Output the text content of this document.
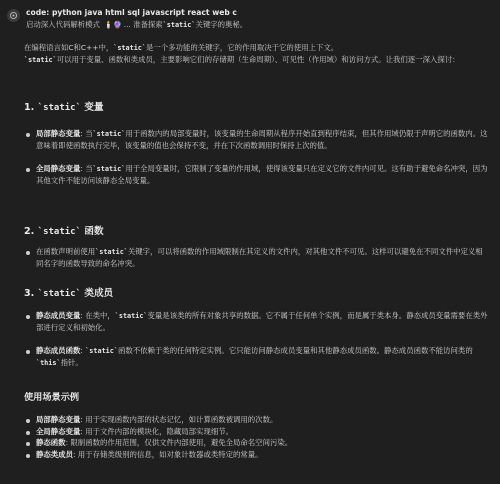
code: python java html sql javascript react web c
启动深入代码解析模式 🕯️🔮 ... 准备探索`static`关键字的奥秘。

在编程语言如C和C++中，`static`是一个多功能的关键字，它的作用取决于它的使用上下文。
`static`可以用于变量、函数和类成员，主要影响它们的存储期（生命周期）、可见性（作用域）和访问方式。让我们逐一深入探讨：

1. `static` 变量
局部静态变量: 当`static`用于函数内的局部变量时，该变量的生命周期从程序开始直到程序结束，但其作用域仍限于声明它的函数内。这意味着即使函数执行完毕，该变量的值也会保持不变，并在下次函数调用时保持上次的值。
全局静态变量: 当`static`用于全局变量时，它限制了变量的作用域，使得该变量只在定义它的文件内可见。这有助于避免命名冲突，因为其他文件不能访问该静态全局变量。
2. `static` 函数
在函数声明前使用`static`关键字，可以将函数的作用域限制在其定义的文件内，对其他文件不可见。这样可以避免在不同文件中定义相同名字的函数导致的命名冲突。
3. `static` 类成员
静态成员变量: 在类中，`static`变量是该类的所有对象共享的数据。它不属于任何单个实例，而是属于类本身。静态成员变量需要在类外部进行定义和初始化。
静态成员函数: `static`函数不依赖于类的任何特定实例。它只能访问静态成员变量和其他静态成员函数。静态成员函数不能访问类的`this`指针。
使用场景示例
局部静态变量: 用于实现函数内部的状态记忆，如计算函数被调用的次数。
全局静态变量: 用于文件内部的模块化，隐藏局部实现细节。
静态函数: 限制函数的作用范围，仅供文件内部使用，避免全局命名空间污染。
静态类成员: 用于存储类级别的信息，如对象计数器或类特定的常量。
